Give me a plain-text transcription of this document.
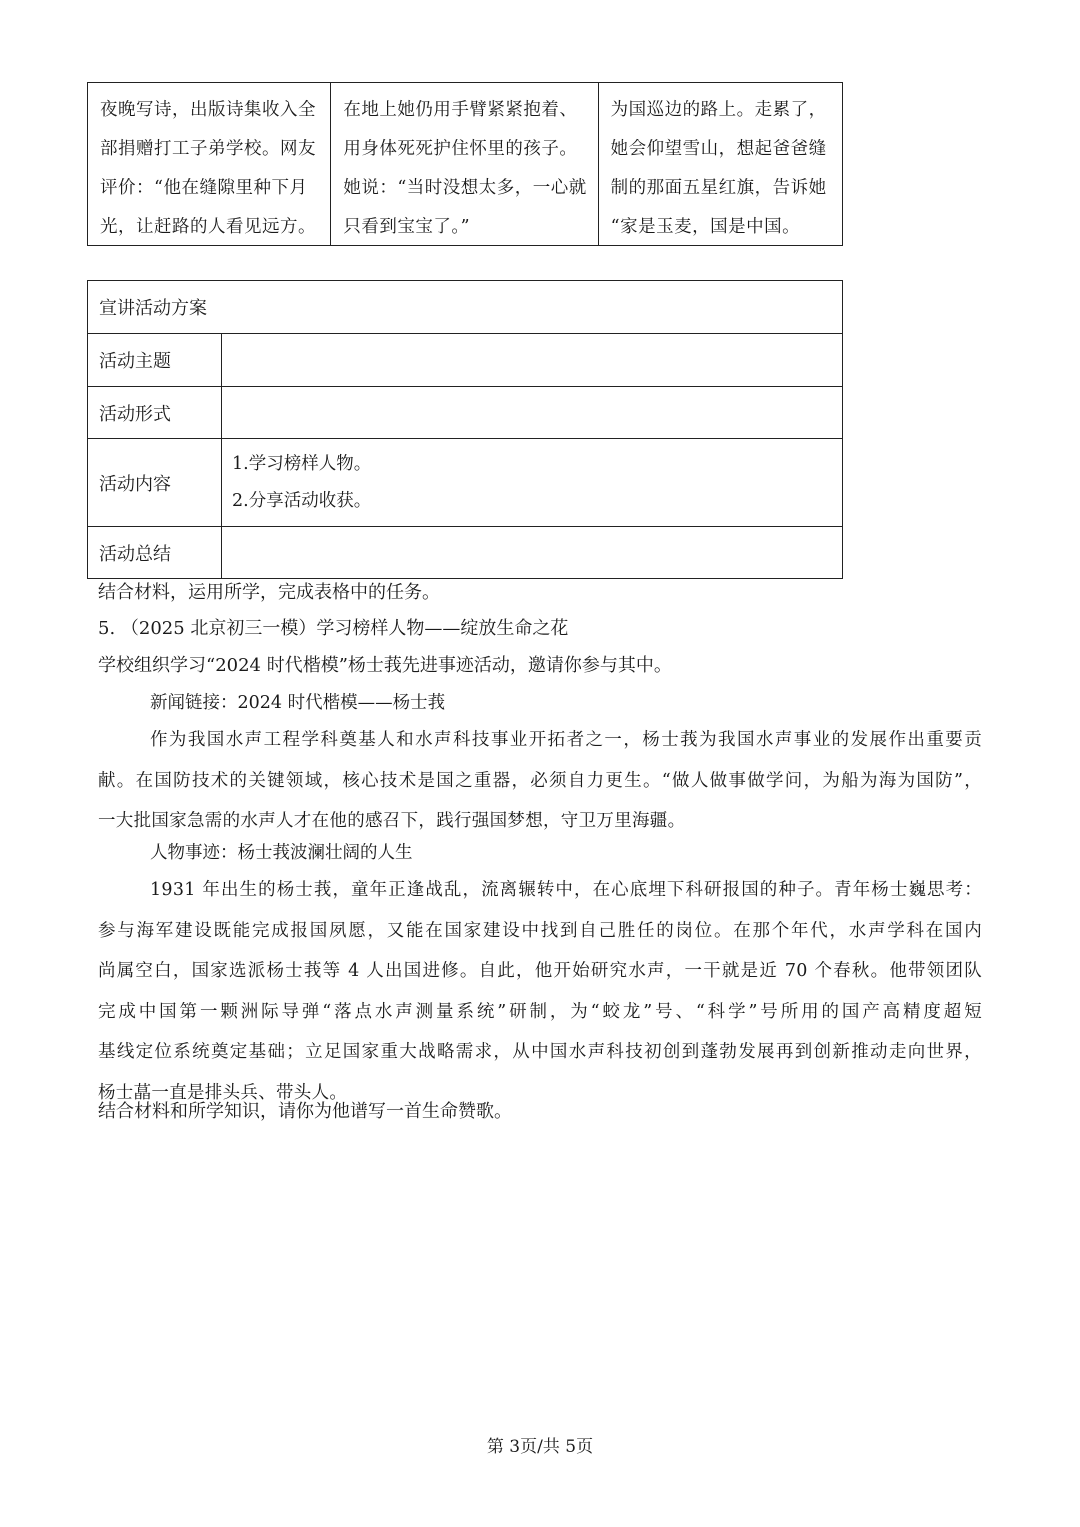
夜晚写诗，出版诗集收入全
部捐赠打工子弟学校。网友
评价：“他在缝隙里种下月
光，让赶路的人看见远方。
在地上她仍用手臂紧紧抱着、
用身体死死护住怀里的孩子。
她说：“当时没想太多，一心就
只看到宝宝了。”
为国巡边的路上。走累了，
她会仰望雪山，想起爸爸缝
制的那面五星红旗，告诉她
“家是玉麦，国是中国。
宣讲活动方案
活动主题
活动形式
活动内容
1.学习榜样人物。
2.分享活动收获。
活动总结
结合材料，运用所学，完成表格中的任务。
5. （2025 北京初三一模）学习榜样人物——绽放生命之花
学校组织学习“2024 时代楷模”杨士莪先进事迹活动，邀请你参与其中。
新闻链接：2024 时代楷模——杨士莪
作为我国水声工程学科奠基人和水声科技事业开拓者之一，杨士莪为我国水声事业的发展作出重要贡
献。在国防技术的关键领域，核心技术是国之重器，必须自力更生。“做人做事做学问，为船为海为国防”，
一大批国家急需的水声人才在他的感召下，践行强国梦想，守卫万里海疆。
人物事迹：杨士莪波澜壮阔的人生
1931 年出生的杨士莪，童年正逢战乱，流离辗转中，在心底埋下科研报国的种子。青年杨士巍思考：
参与海军建设既能完成报国夙愿，又能在国家建设中找到自己胜任的岗位。在那个年代，水声学科在国内
尚属空白，国家选派杨士莪等 4 人出国进修。自此，他开始研究水声，一干就是近 70 个春秋。他带领团队
完成中国第一颗洲际导弹“落点水声测量系统”研制，为“蛟龙”号、“科学”号所用的国产高精度超短
基线定位系统奠定基础；立足国家重大战略需求，从中国水声科技初创到蓬勃发展再到创新推动走向世界，
杨士蕌一直是排头兵、带头人。
结合材料和所学知识，请你为他谱写一首生命赞歌。
第 3页/共 5页
